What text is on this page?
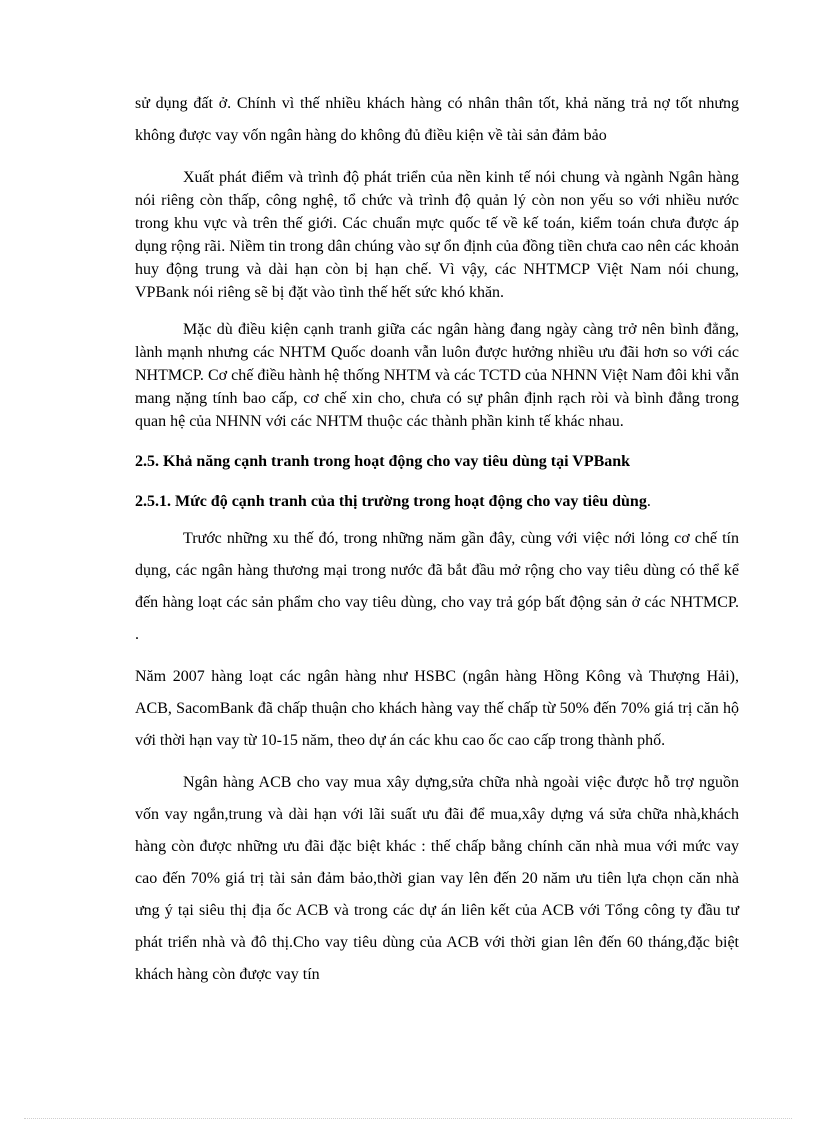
sử dụng đất ở. Chính vì thế nhiều khách hàng có nhân thân tốt, khả năng trả nợ tốt nhưng không được vay vốn ngân hàng do không đủ điều kiện về tài sản đảm bảo

Xuất phát điểm và trình độ phát triển của nền kinh tế nói chung và ngành Ngân hàng nói riêng còn thấp, công nghệ, tổ chức và trình độ quản lý còn non yếu so với nhiều nước trong khu vực và trên thế giới. Các chuẩn mực quốc tế về kế toán, kiểm toán chưa được áp dụng rộng rãi. Niềm tin trong dân chúng vào sự ổn định của đồng tiền chưa cao nên các khoản huy động trung và dài hạn còn bị hạn chế. Vì vậy, các NHTMCP Việt Nam nói chung, VPBank nói riêng sẽ bị đặt vào tình thế hết sức khó khăn.

Mặc dù điều kiện cạnh tranh giữa các ngân hàng đang ngày càng trở nên bình đẳng, lành mạnh nhưng các NHTM Quốc doanh vẫn luôn được hưởng nhiều ưu đãi hơn so với các NHTMCP. Cơ chế điều hành hệ thống NHTM và các TCTD của NHNN Việt Nam đôi khi vẫn mang nặng tính bao cấp, cơ chế xin cho, chưa có sự phân định rạch ròi và bình đẳng trong quan hệ của NHNN với các NHTM thuộc các thành phần kinh tế khác nhau.

2.5. Khả năng cạnh tranh trong hoạt động cho vay tiêu dùng tại VPBank

2.5.1. Mức độ cạnh tranh của thị trường trong hoạt động cho vay tiêu dùng.

Trước những xu thế đó, trong những năm gần đây, cùng với việc nới lỏng cơ chế tín dụng, các ngân hàng thương mại trong nước đã bắt đầu mở rộng cho vay tiêu dùng có thể kể đến hàng loạt các sản phẩm cho vay tiêu dùng, cho vay trả góp bất động sản ở các NHTMCP. .

Năm 2007 hàng loạt các ngân hàng như HSBC (ngân hàng Hồng Kông và Thượng Hải), ACB, SacomBank đã chấp thuận cho khách hàng vay thế chấp từ 50% đến 70% giá trị căn hộ với thời hạn vay từ 10-15 năm, theo dự án các khu cao ốc cao cấp trong thành phố.

Ngân hàng ACB cho vay mua xây dựng,sửa chữa nhà ngoài việc được hỗ trợ nguồn vốn vay ngắn,trung và dài hạn với lãi suất ưu đãi để mua,xây dựng vá sửa chữa nhà,khách hàng còn được những ưu đãi đặc biệt khác : thế chấp bằng chính căn nhà mua với mức vay cao đến 70% giá trị tài sản đảm bảo,thời gian vay lên đến 20 năm ưu tiên lựa chọn căn nhà ưng ý tại siêu thị địa ốc ACB và trong các dự án liên kết của ACB với Tổng công ty đầu tư phát triển nhà và đô thị.Cho vay tiêu dùng của ACB với thời gian lên đến 60 tháng,đặc biệt khách hàng còn được vay tín
